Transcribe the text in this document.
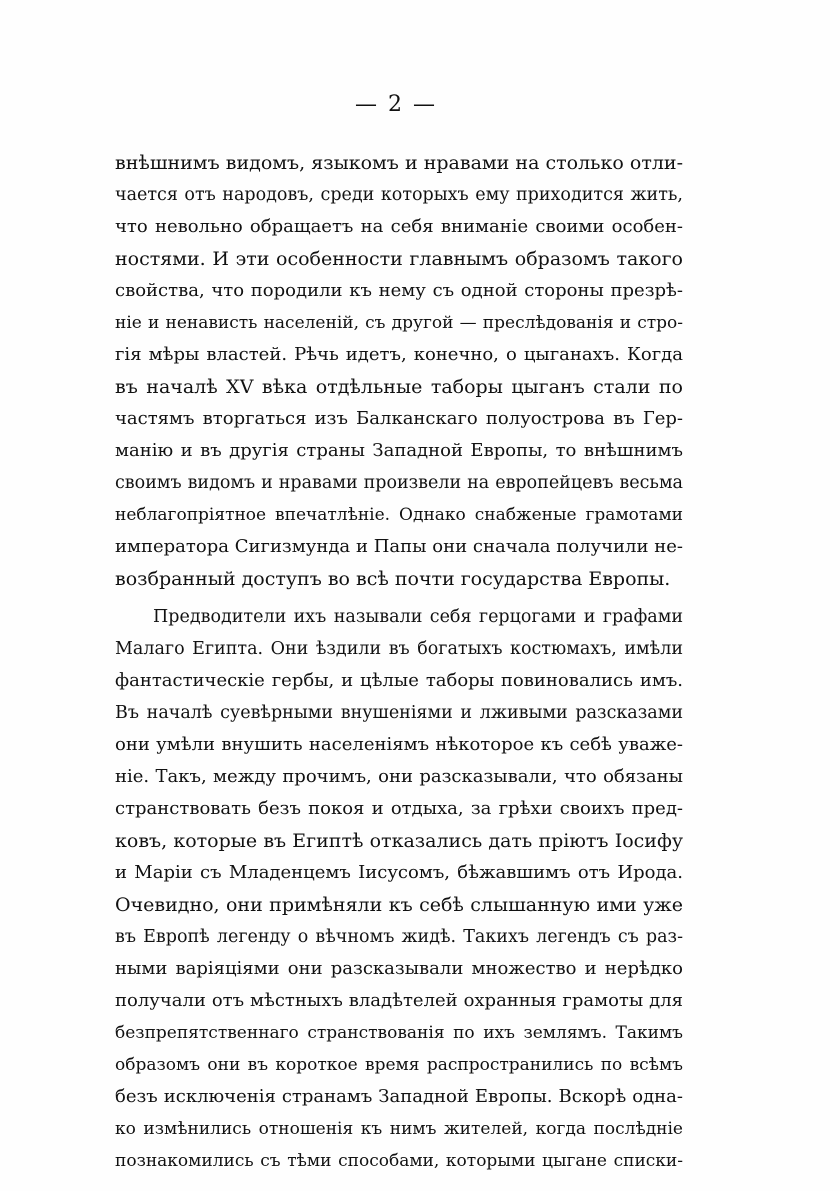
— 2 —
внѣшнимъ видомъ, языкомъ и нравами на столько отли-
чается отъ народовъ, среди которыхъ ему приходится жить,
что невольно обращаетъ на себя вниманіе своими особен-
ностями. И эти особенности главнымъ образомъ такого
свойства, что породили къ нему съ одной стороны презрѣ-
ніе и ненависть населеній, съ другой — преслѣдованія и стро-
гія мѣры властей. Рѣчь идетъ, конечно, о цыганахъ. Когда
въ началѣ XV вѣка отдѣльные таборы цыганъ стали по
частямъ вторгаться изъ Балканскаго полуострова въ Гер-
манію и въ другія страны Западной Европы, то внѣшнимъ
своимъ видомъ и нравами произвели на европейцевъ весьма
неблагопріятное впечатлѣніе. Однако снабженые грамотами
императора Сигизмунда и Папы они сначала получили не-
возбранный доступъ во всѣ почти государства Европы.
Предводители ихъ называли себя герцогами и графами
Малаго Египта. Они ѣздили въ богатыхъ костюмахъ, имѣли
фантастическіе гербы, и цѣлые таборы повиновались имъ.
Въ началѣ суевѣрными внушеніями и лживыми разсказами
они умѣли внушить населеніямъ нѣкоторое къ себѣ уваже-
ніе. Такъ, между прочимъ, они разсказывали, что обязаны
странствовать безъ покоя и отдыха, за грѣхи своихъ пред-
ковъ, которые въ Египтѣ отказались дать пріютъ Іосифу
и Маріи съ Младенцемъ Іисусомъ, бѣжавшимъ отъ Ирода.
Очевидно, они примѣняли къ себѣ слышанную ими уже
въ Европѣ легенду о вѣчномъ жидѣ. Такихъ легендъ съ раз-
ными варіяціями они разсказывали множество и нерѣдко
получали отъ мѣстныхъ владѣтелей охранныя грамоты для
безпрепятственнаго странствованія по ихъ землямъ. Такимъ
образомъ они въ короткое время распространились по всѣмъ
безъ исключенія странамъ Западной Европы. Вскорѣ одна-
ко измѣнились отношенія къ нимъ жителей, когда послѣдніе
познакомились съ тѣми способами, которыми цыгане списки-
